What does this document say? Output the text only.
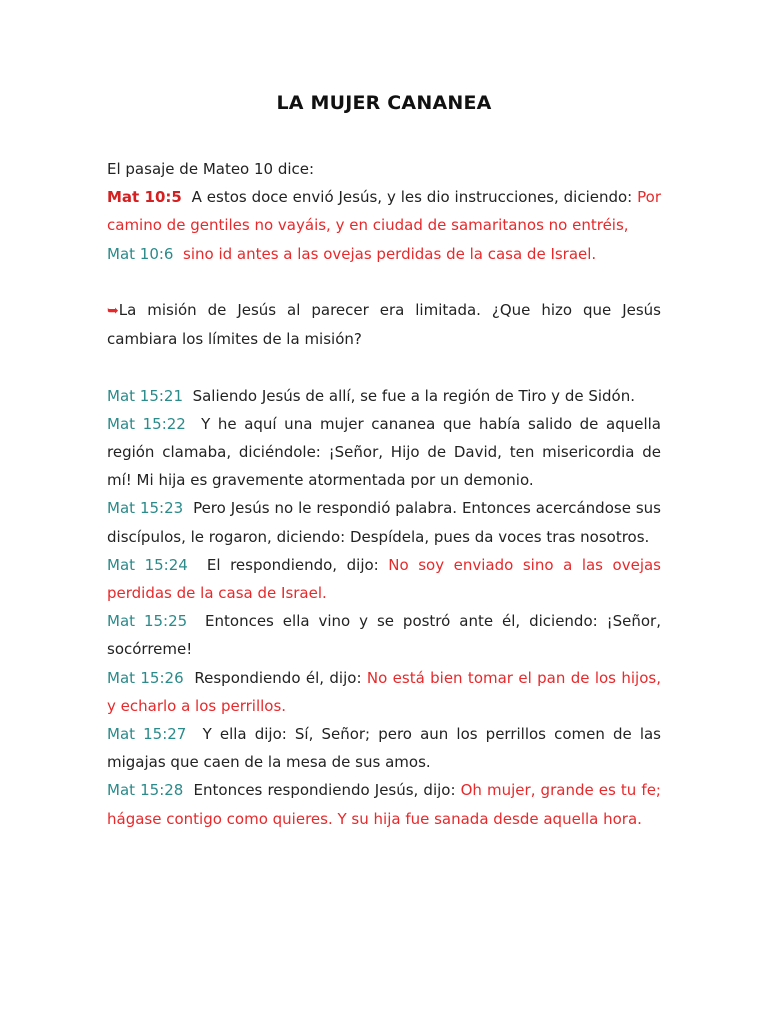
LA MUJER CANANEA

El pasaje de Mateo 10 dice:

Mat 10:5 A estos doce envió Jesús, y les dio instrucciones, diciendo: Por camino de gentiles no vayáis, y en ciudad de samaritanos no entréis,

Mat 10:6 sino id antes a las ovejas perdidas de la casa de Israel.

➥La misión de Jesús al parecer era limitada. ¿Que hizo que Jesús cambiara los límites de la misión?

Mat 15:21 Saliendo Jesús de allí, se fue a la región de Tiro y de Sidón.

Mat 15:22 Y he aquí una mujer cananea que había salido de aquella región clamaba, diciéndole: ¡Señor, Hijo de David, ten misericordia de mí! Mi hija es gravemente atormentada por un demonio.

Mat 15:23 Pero Jesús no le respondió palabra. Entonces acercándose sus discípulos, le rogaron, diciendo: Despídela, pues da voces tras nosotros.

Mat 15:24 El respondiendo, dijo: No soy enviado sino a las ovejas perdidas de la casa de Israel.

Mat 15:25 Entonces ella vino y se postró ante él, diciendo: ¡Señor, socórreme!

Mat 15:26 Respondiendo él, dijo: No está bien tomar el pan de los hijos, y echarlo a los perrillos.

Mat 15:27 Y ella dijo: Sí, Señor; pero aun los perrillos comen de las migajas que caen de la mesa de sus amos.

Mat 15:28 Entonces respondiendo Jesús, dijo: Oh mujer, grande es tu fe; hágase contigo como quieres. Y su hija fue sanada desde aquella hora.
